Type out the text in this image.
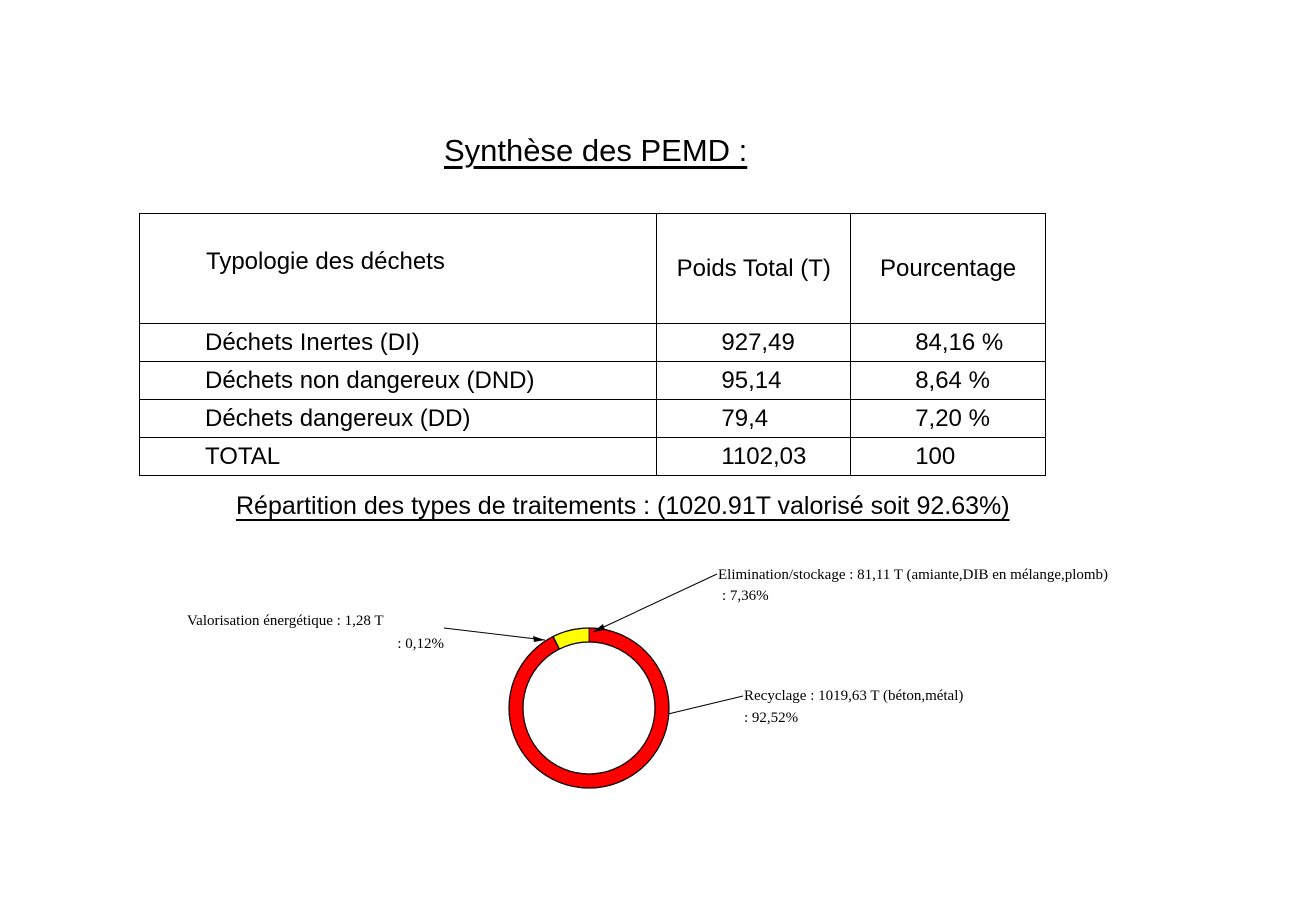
Synthèse des PEMD :
Typologie des déchets	Poids Total (T)	Pourcentage
Déchets Inertes (DI)	927,49	84,16 %
Déchets non dangereux (DND)	95,14	8,64 %
Déchets dangereux (DD)	79,4	7,20 %
TOTAL	1102,03	100
Répartition des types de traitements : (1020.91T valorisé soit 92.63%)
Elimination/stockage : 81,11 T (amiante,DIB en mélange,plomb)
: 7,36%
Valorisation énergétique : 1,28 T
: 0,12%
Recyclage : 1019,63 T (béton,métal)
: 92,52%
